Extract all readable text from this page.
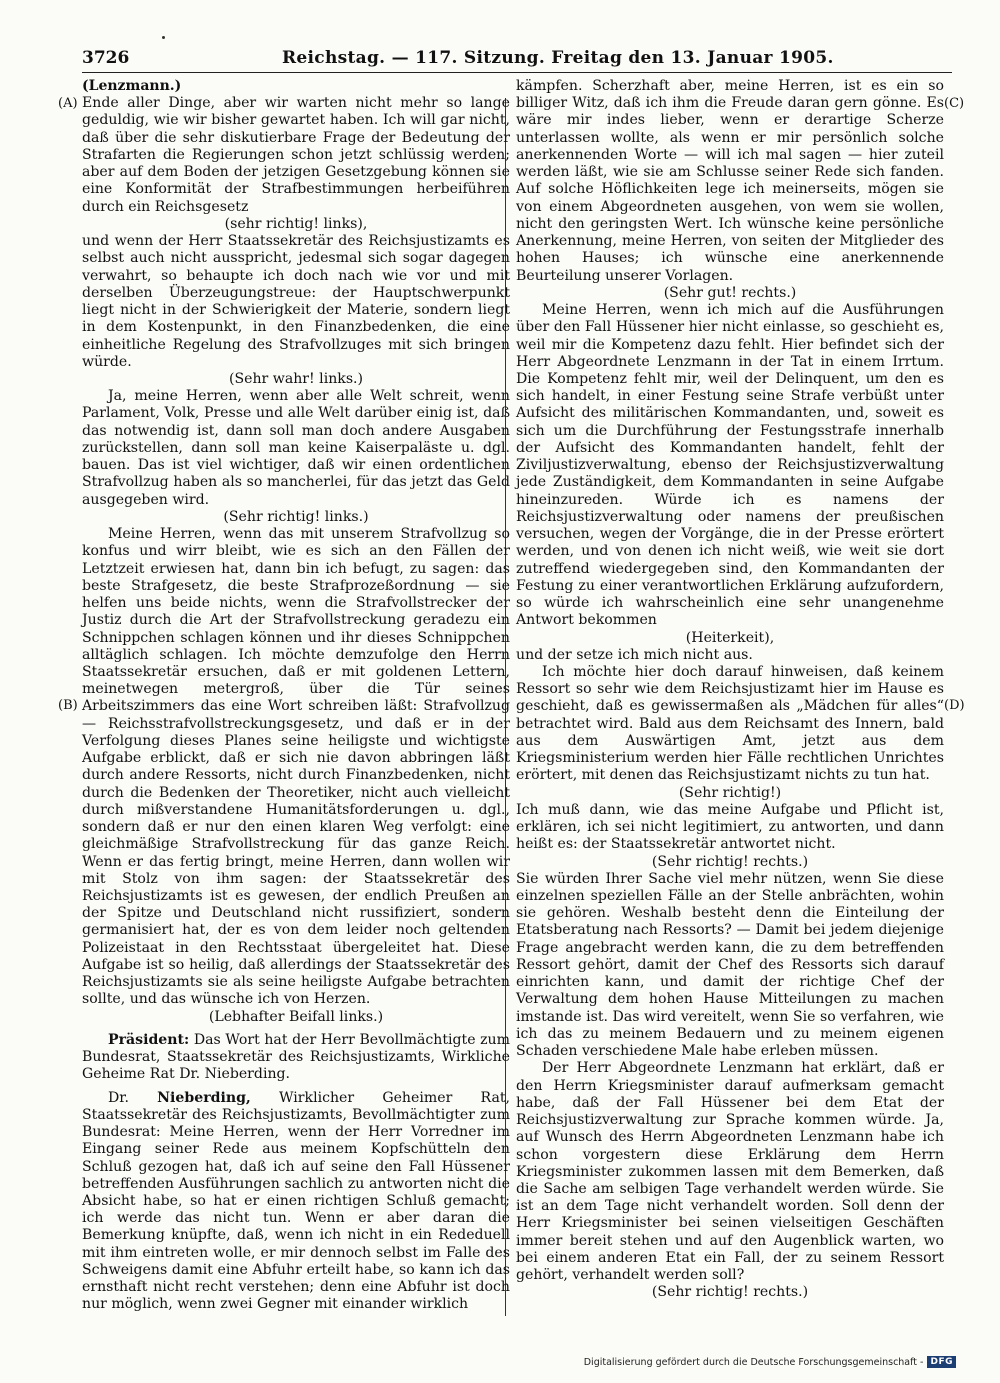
3726	Reichstag. — 117. Sitzung. Freitag den 13. Januar 1905.
(A)
(B)
(C)
(D)

(Lenzmann.)

Ende aller Dinge, aber wir warten nicht mehr so lange geduldig, wie wir bisher gewartet haben. Ich will gar nicht, daß über die sehr diskutierbare Frage der Bedeutung der Strafarten die Regierungen schon jetzt schlüssig werden; aber auf dem Boden der jetzigen Gesetzgebung können sie eine Konformität der Strafbestimmungen herbeiführen durch ein Reichsgesetz

(sehr richtig! links),

und wenn der Herr Staatssekretär des Reichsjustizamts es selbst auch nicht ausspricht, jedesmal sich sogar dagegen verwahrt, so behaupte ich doch nach wie vor und mit derselben Überzeugungstreue: der Hauptschwerpunkt liegt nicht in der Schwierigkeit der Materie, sondern liegt in dem Kostenpunkt, in den Finanzbedenken, die eine einheitliche Regelung des Strafvollzuges mit sich bringen würde.

(Sehr wahr! links.)

Ja, meine Herren, wenn aber alle Welt schreit, wenn Parlament, Volk, Presse und alle Welt darüber einig ist, daß das notwendig ist, dann soll man doch andere Ausgaben zurückstellen, dann soll man keine Kaiserpaläste u. dgl. bauen. Das ist viel wichtiger, daß wir einen ordentlichen Strafvollzug haben als so mancherlei, für das jetzt das Geld ausgegeben wird.

(Sehr richtig! links.)

Meine Herren, wenn das mit unserem Strafvollzug so konfus und wirr bleibt, wie es sich an den Fällen der Letztzeit erwiesen hat, dann bin ich befugt, zu sagen: das beste Strafgesetz, die beste Strafprozeßordnung — sie helfen uns beide nichts, wenn die Strafvollstrecker der Justiz durch die Art der Strafvollstreckung geradezu ein Schnippchen schlagen können und ihr dieses Schnippchen alltäglich schlagen. Ich möchte demzufolge den Herrn Staatssekretär ersuchen, daß er mit goldenen Lettern, meinetwegen metergroß, über die Tür seines Arbeitszimmers das eine Wort schreiben läßt: Strafvollzug — Reichsstrafvollstreckungsgesetz, und daß er in der Verfolgung dieses Planes seine heiligste und wichtigste Aufgabe erblickt, daß er sich nie davon abbringen läßt durch andere Ressorts, nicht durch Finanzbedenken, nicht durch die Bedenken der Theoretiker, nicht auch vielleicht durch mißverstandene Humanitätsforderungen u. dgl., sondern daß er nur den einen klaren Weg verfolgt: eine gleichmäßige Strafvollstreckung für das ganze Reich. Wenn er das fertig bringt, meine Herren, dann wollen wir mit Stolz von ihm sagen: der Staatssekretär des Reichsjustizamts ist es gewesen, der endlich Preußen an der Spitze und Deutschland nicht russifiziert, sondern germanisiert hat, der es von dem leider noch geltenden Polizeistaat in den Rechtsstaat übergeleitet hat. Diese Aufgabe ist so heilig, daß allerdings der Staatssekretär des Reichsjustizamts sie als seine heiligste Aufgabe betrachten sollte, und das wünsche ich von Herzen.

(Lebhafter Beifall links.)

Präsident: Das Wort hat der Herr Bevollmächtigte zum Bundesrat, Staatssekretär des Reichsjustizamts, Wirkliche Geheime Rat Dr. Nieberding.

Dr. Nieberding, Wirklicher Geheimer Rat, Staatssekretär des Reichsjustizamts, Bevollmächtigter zum Bundesrat: Meine Herren, wenn der Herr Vorredner im Eingang seiner Rede aus meinem Kopfschütteln den Schluß gezogen hat, daß ich auf seine den Fall Hüssener betreffenden Ausführungen sachlich zu antworten nicht die Absicht habe, so hat er einen richtigen Schluß gemacht; ich werde das nicht tun. Wenn er aber daran die Bemerkung knüpfte, daß, wenn ich nicht in ein Rededuell mit ihm eintreten wolle, er mir dennoch selbst im Falle des Schweigens damit eine Abfuhr erteilt habe, so kann ich das ernsthaft nicht recht verstehen; denn eine Abfuhr ist doch nur möglich, wenn zwei Gegner mit einander wirklich

kämpfen. Scherzhaft aber, meine Herren, ist es ein so billiger Witz, daß ich ihm die Freude daran gern gönne. Es wäre mir indes lieber, wenn er derartige Scherze unterlassen wollte, als wenn er mir persönlich solche anerkennenden Worte — will ich mal sagen — hier zuteil werden läßt, wie sie am Schlusse seiner Rede sich fanden. Auf solche Höflichkeiten lege ich meinerseits, mögen sie von einem Abgeordneten ausgehen, von wem sie wollen, nicht den geringsten Wert. Ich wünsche keine persönliche Anerkennung, meine Herren, von seiten der Mitglieder des hohen Hauses; ich wünsche eine anerkennende Beurteilung unserer Vorlagen.

(Sehr gut! rechts.)

Meine Herren, wenn ich mich auf die Ausführungen über den Fall Hüssener hier nicht einlasse, so geschieht es, weil mir die Kompetenz dazu fehlt. Hier befindet sich der Herr Abgeordnete Lenzmann in der Tat in einem Irrtum. Die Kompetenz fehlt mir, weil der Delinquent, um den es sich handelt, in einer Festung seine Strafe verbüßt unter Aufsicht des militärischen Kommandanten, und, soweit es sich um die Durchführung der Festungsstrafe innerhalb der Aufsicht des Kommandanten handelt, fehlt der Ziviljustizverwaltung, ebenso der Reichsjustizverwaltung jede Zuständigkeit, dem Kommandanten in seine Aufgabe hineinzureden. Würde ich es namens der Reichsjustizverwaltung oder namens der preußischen versuchen, wegen der Vorgänge, die in der Presse erörtert werden, und von denen ich nicht weiß, wie weit sie dort zutreffend wiedergegeben sind, den Kommandanten der Festung zu einer verantwortlichen Erklärung aufzufordern, so würde ich wahrscheinlich eine sehr unangenehme Antwort bekommen

(Heiterkeit),

und der setze ich mich nicht aus.

Ich möchte hier doch darauf hinweisen, daß keinem Ressort so sehr wie dem Reichsjustizamt hier im Hause es geschieht, daß es gewissermaßen als „Mädchen für alles“ betrachtet wird. Bald aus dem Reichsamt des Innern, bald aus dem Auswärtigen Amt, jetzt aus dem Kriegsministerium werden hier Fälle rechtlichen Unrichtes erörtert, mit denen das Reichsjustizamt nichts zu tun hat.

(Sehr richtig!)

Ich muß dann, wie das meine Aufgabe und Pflicht ist, erklären, ich sei nicht legitimiert, zu antworten, und dann heißt es: der Staatssekretär antwortet nicht.

(Sehr richtig! rechts.)

Sie würden Ihrer Sache viel mehr nützen, wenn Sie diese einzelnen speziellen Fälle an der Stelle anbrächten, wohin sie gehören. Weshalb besteht denn die Einteilung der Etatsberatung nach Ressorts? — Damit bei jedem diejenige Frage angebracht werden kann, die zu dem betreffenden Ressort gehört, damit der Chef des Ressorts sich darauf einrichten kann, und damit der richtige Chef der Verwaltung dem hohen Hause Mitteilungen zu machen imstande ist. Das wird vereitelt, wenn Sie so verfahren, wie ich das zu meinem Bedauern und zu meinem eigenen Schaden verschiedene Male habe erleben müssen.

Der Herr Abgeordnete Lenzmann hat erklärt, daß er den Herrn Kriegsminister darauf aufmerksam gemacht habe, daß der Fall Hüssener bei dem Etat der Reichsjustizverwaltung zur Sprache kommen würde. Ja, auf Wunsch des Herrn Abgeordneten Lenzmann habe ich schon vorgestern diese Erklärung dem Herrn Kriegsminister zukommen lassen mit dem Bemerken, daß die Sache am selbigen Tage verhandelt werden würde. Sie ist an dem Tage nicht verhandelt worden. Soll denn der Herr Kriegsminister bei seinen vielseitigen Geschäften immer bereit stehen und auf den Augenblick warten, wo bei einem anderen Etat ein Fall, der zu seinem Ressort gehört, verhandelt werden soll?

(Sehr richtig! rechts.)

Digitalisierung gefördert durch die Deutsche Forschungsgemeinschaft - DFG
